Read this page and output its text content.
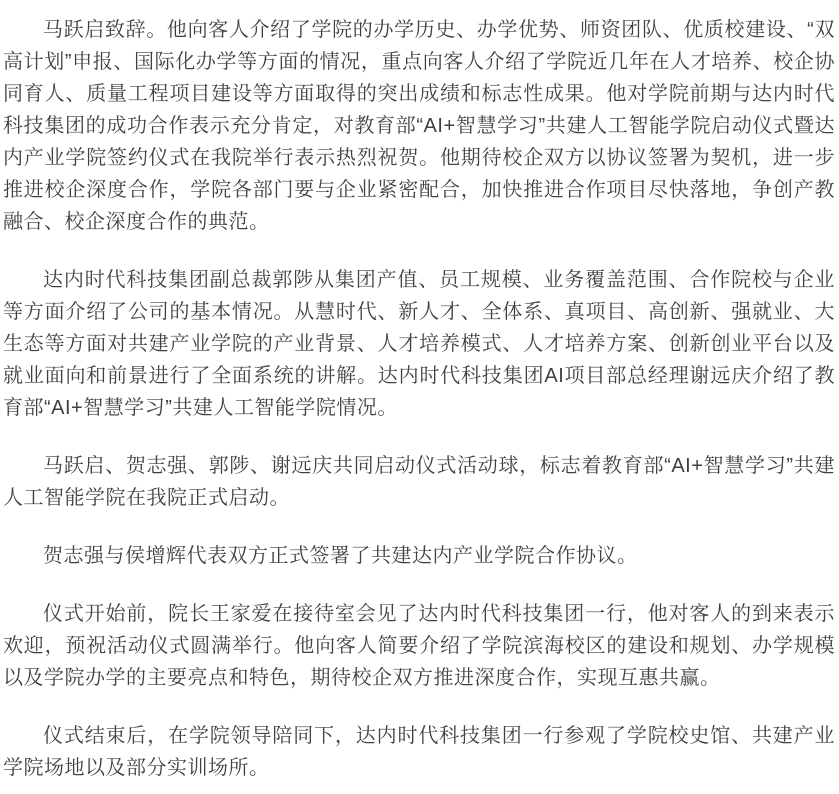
马跃启致辞。他向客人介绍了学院的办学历史、办学优势、师资团队、优质校建设、“双高计划”申报、国际化办学等方面的情况，重点向客人介绍了学院近几年在人才培养、校企协同育人、质量工程项目建设等方面取得的突出成绩和标志性成果。他对学院前期与达内时代科技集团的成功合作表示充分肯定，对教育部“AI+智慧学习”共建人工智能学院启动仪式暨达内产业学院签约仪式在我院举行表示热烈祝贺。他期待校企双方以协议签署为契机，进一步推进校企深度合作，学院各部门要与企业紧密配合，加快推进合作项目尽快落地，争创产教融合、校企深度合作的典范。

达内时代科技集团副总裁郭陟从集团产值、员工规模、业务覆盖范围、合作院校与企业等方面介绍了公司的基本情况。从慧时代、新人才、全体系、真项目、高创新、强就业、大生态等方面对共建产业学院的产业背景、人才培养模式、人才培养方案、创新创业平台以及就业面向和前景进行了全面系统的讲解。达内时代科技集团AI项目部总经理谢远庆介绍了教育部“AI+智慧学习”共建人工智能学院情况。

马跃启、贺志强、郭陟、谢远庆共同启动仪式活动球，标志着教育部“AI+智慧学习”共建人工智能学院在我院正式启动。

贺志强与侯增辉代表双方正式签署了共建达内产业学院合作协议。

仪式开始前，院长王家爱在接待室会见了达内时代科技集团一行，他对客人的到来表示欢迎，预祝活动仪式圆满举行。他向客人简要介绍了学院滨海校区的建设和规划、办学规模以及学院办学的主要亮点和特色，期待校企双方推进深度合作，实现互惠共赢。

仪式结束后，在学院领导陪同下，达内时代科技集团一行参观了学院校史馆、共建产业学院场地以及部分实训场所。
